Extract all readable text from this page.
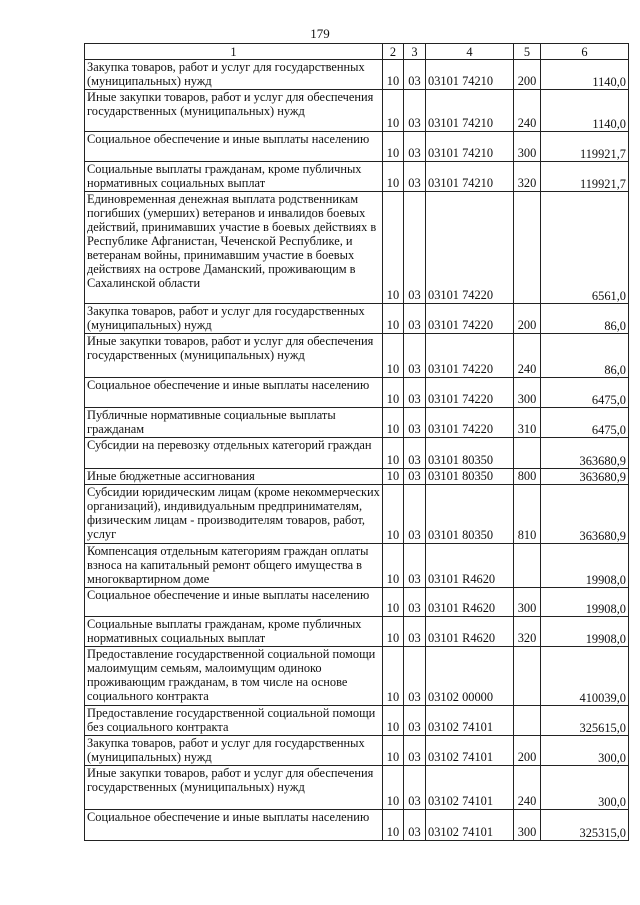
179
1	2	3	4	5	6
Закупка товаров, работ и услуг для государственных (муниципальных) нужд	10	03	03101 74210	200	1140,0
Иные закупки товаров, работ и услуг для обеспечения государственных (муниципальных) нужд	10	03	03101 74210	240	1140,0
Социальное обеспечение и иные выплаты населению	10	03	03101 74210	300	119921,7
Социальные выплаты гражданам, кроме публичных нормативных социальных выплат	10	03	03101 74210	320	119921,7
Единовременная денежная выплата родственникам погибших (умерших) ветеранов и инвалидов боевых действий, принимавших участие в боевых действиях в Республике Афганистан, Чеченской Республике, и ветеранам войны, принимавшим участие в боевых действиях на острове Даманский, проживающим в Сахалинской области	10	03	03101 74220		6561,0
Закупка товаров, работ и услуг для государственных (муниципальных) нужд	10	03	03101 74220	200	86,0
Иные закупки товаров, работ и услуг для обеспечения государственных (муниципальных) нужд	10	03	03101 74220	240	86,0
Социальное обеспечение и иные выплаты населению	10	03	03101 74220	300	6475,0
Публичные нормативные социальные выплаты гражданам	10	03	03101 74220	310	6475,0
Субсидии на перевозку отдельных категорий граждан	10	03	03101 80350		363680,9
Иные бюджетные ассигнования	10	03	03101 80350	800	363680,9
Субсидии юридическим лицам (кроме некоммерческих организаций), индивидуальным предпринимателям, физическим лицам - производителям товаров, работ, услуг	10	03	03101 80350	810	363680,9
Компенсация отдельным категориям граждан оплаты взноса на капитальный ремонт общего имущества в многоквартирном доме	10	03	03101 R4620		19908,0
Социальное обеспечение и иные выплаты населению	10	03	03101 R4620	300	19908,0
Социальные выплаты гражданам, кроме публичных нормативных социальных выплат	10	03	03101 R4620	320	19908,0
Предоставление государственной социальной помощи малоимущим семьям, малоимущим одиноко проживающим гражданам, в том числе на основе социального контракта	10	03	03102 00000		410039,0
Предоставление государственной социальной помощи без социального контракта	10	03	03102 74101		325615,0
Закупка товаров, работ и услуг для государственных (муниципальных) нужд	10	03	03102 74101	200	300,0
Иные закупки товаров, работ и услуг для обеспечения государственных (муниципальных) нужд	10	03	03102 74101	240	300,0
Социальное обеспечение и иные выплаты населению	10	03	03102 74101	300	325315,0
